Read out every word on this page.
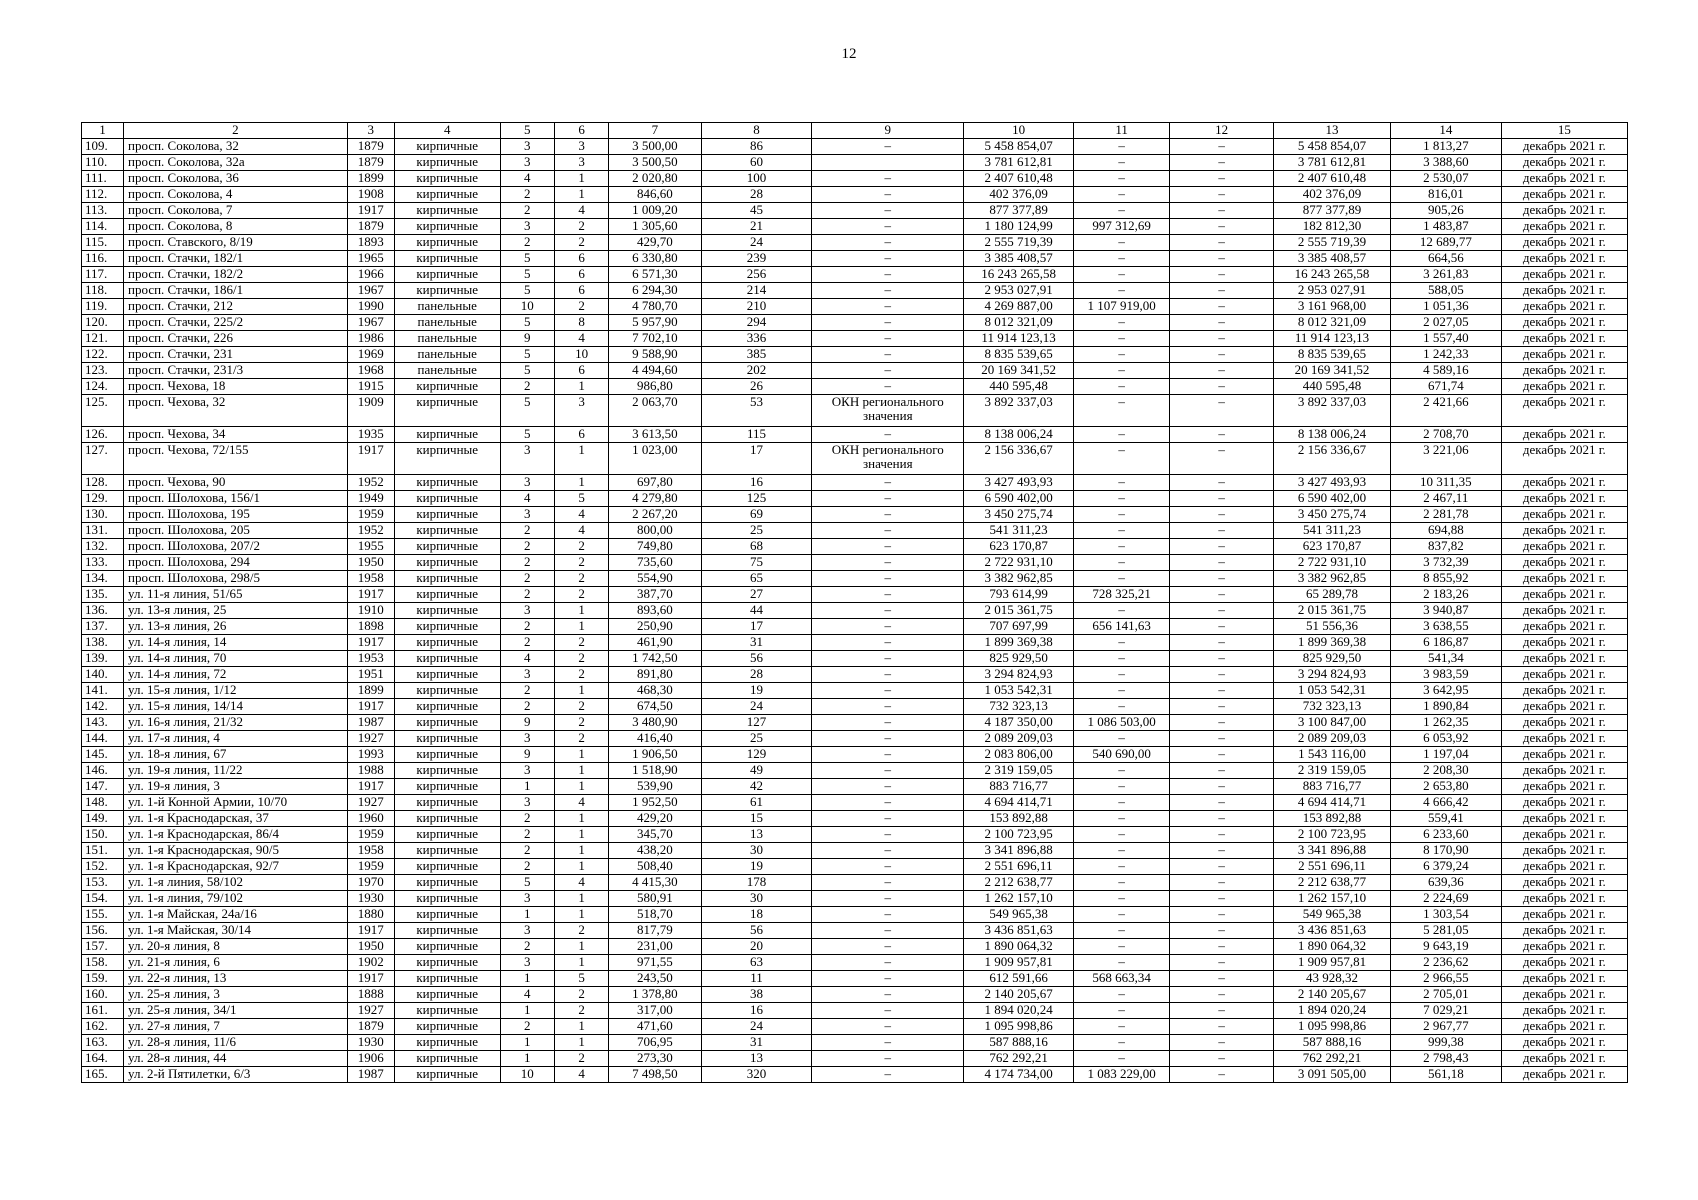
12
1	2	3	4	5	6	7	8	9	10	11	12	13	14	15
109.	просп. Соколова, 32	1879	кирпичные	3	3	3 500,00	86	–	5 458 854,07	–	–	5 458 854,07	1 813,27	декабрь 2021 г.
110.	просп. Соколова, 32а	1879	кирпичные	3	3	3 500,50	60		3 781 612,81	–	–	3 781 612,81	3 388,60	декабрь 2021 г.
111.	просп. Соколова, 36	1899	кирпичные	4	1	2 020,80	100	–	2 407 610,48	–	–	2 407 610,48	2 530,07	декабрь 2021 г.
112.	просп. Соколова, 4	1908	кирпичные	2	1	846,60	28	–	402 376,09	–	–	402 376,09	816,01	декабрь 2021 г.
113.	просп. Соколова, 7	1917	кирпичные	2	4	1 009,20	45	–	877 377,89	–	–	877 377,89	905,26	декабрь 2021 г.
114.	просп. Соколова, 8	1879	кирпичные	3	2	1 305,60	21	–	1 180 124,99	997 312,69	–	182 812,30	1 483,87	декабрь 2021 г.
115.	просп. Ставского, 8/19	1893	кирпичные	2	2	429,70	24	–	2 555 719,39	–	–	2 555 719,39	12 689,77	декабрь 2021 г.
116.	просп. Стачки, 182/1	1965	кирпичные	5	6	6 330,80	239	–	3 385 408,57	–	–	3 385 408,57	664,56	декабрь 2021 г.
117.	просп. Стачки, 182/2	1966	кирпичные	5	6	6 571,30	256	–	16 243 265,58	–	–	16 243 265,58	3 261,83	декабрь 2021 г.
118.	просп. Стачки, 186/1	1967	кирпичные	5	6	6 294,30	214	–	2 953 027,91	–	–	2 953 027,91	588,05	декабрь 2021 г.
119.	просп. Стачки, 212	1990	панельные	10	2	4 780,70	210	–	4 269 887,00	1 107 919,00	–	3 161 968,00	1 051,36	декабрь 2021 г.
120.	просп. Стачки, 225/2	1967	панельные	5	8	5 957,90	294	–	8 012 321,09	–	–	8 012 321,09	2 027,05	декабрь 2021 г.
121.	просп. Стачки, 226	1986	панельные	9	4	7 702,10	336	–	11 914 123,13	–	–	11 914 123,13	1 557,40	декабрь 2021 г.
122.	просп. Стачки, 231	1969	панельные	5	10	9 588,90	385	–	8 835 539,65	–	–	8 835 539,65	1 242,33	декабрь 2021 г.
123.	просп. Стачки, 231/3	1968	панельные	5	6	4 494,60	202	–	20 169 341,52	–	–	20 169 341,52	4 589,16	декабрь 2021 г.
124.	просп. Чехова, 18	1915	кирпичные	2	1	986,80	26	–	440 595,48	–	–	440 595,48	671,74	декабрь 2021 г.
125.	просп. Чехова, 32	1909	кирпичные	5	3	2 063,70	53	ОКН регионального значения	3 892 337,03	–	–	3 892 337,03	2 421,66	декабрь 2021 г.
126.	просп. Чехова, 34	1935	кирпичные	5	6	3 613,50	115	–	8 138 006,24	–	–	8 138 006,24	2 708,70	декабрь 2021 г.
127.	просп. Чехова, 72/155	1917	кирпичные	3	1	1 023,00	17	ОКН регионального значения	2 156 336,67	–	–	2 156 336,67	3 221,06	декабрь 2021 г.
128.	просп. Чехова, 90	1952	кирпичные	3	1	697,80	16	–	3 427 493,93	–	–	3 427 493,93	10 311,35	декабрь 2021 г.
129.	просп. Шолохова, 156/1	1949	кирпичные	4	5	4 279,80	125	–	6 590 402,00	–	–	6 590 402,00	2 467,11	декабрь 2021 г.
130.	просп. Шолохова, 195	1959	кирпичные	3	4	2 267,20	69	–	3 450 275,74	–	–	3 450 275,74	2 281,78	декабрь 2021 г.
131.	просп. Шолохова, 205	1952	кирпичные	2	4	800,00	25	–	541 311,23	–	–	541 311,23	694,88	декабрь 2021 г.
132.	просп. Шолохова, 207/2	1955	кирпичные	2	2	749,80	68	–	623 170,87	–	–	623 170,87	837,82	декабрь 2021 г.
133.	просп. Шолохова, 294	1950	кирпичные	2	2	735,60	75	–	2 722 931,10	–	–	2 722 931,10	3 732,39	декабрь 2021 г.
134.	просп. Шолохова, 298/5	1958	кирпичные	2	2	554,90	65	–	3 382 962,85	–	–	3 382 962,85	8 855,92	декабрь 2021 г.
135.	ул. 11-я линия, 51/65	1917	кирпичные	2	2	387,70	27	–	793 614,99	728 325,21	–	65 289,78	2 183,26	декабрь 2021 г.
136.	ул. 13-я линия, 25	1910	кирпичные	3	1	893,60	44	–	2 015 361,75	–	–	2 015 361,75	3 940,87	декабрь 2021 г.
137.	ул. 13-я линия, 26	1898	кирпичные	2	1	250,90	17	–	707 697,99	656 141,63	–	51 556,36	3 638,55	декабрь 2021 г.
138.	ул. 14-я линия, 14	1917	кирпичные	2	2	461,90	31	–	1 899 369,38	–	–	1 899 369,38	6 186,87	декабрь 2021 г.
139.	ул. 14-я линия, 70	1953	кирпичные	4	2	1 742,50	56	–	825 929,50	–	–	825 929,50	541,34	декабрь 2021 г.
140.	ул. 14-я линия, 72	1951	кирпичные	3	2	891,80	28	–	3 294 824,93	–	–	3 294 824,93	3 983,59	декабрь 2021 г.
141.	ул. 15-я линия, 1/12	1899	кирпичные	2	1	468,30	19	–	1 053 542,31	–	–	1 053 542,31	3 642,95	декабрь 2021 г.
142.	ул. 15-я линия, 14/14	1917	кирпичные	2	2	674,50	24	–	732 323,13	–	–	732 323,13	1 890,84	декабрь 2021 г.
143.	ул. 16-я линия, 21/32	1987	кирпичные	9	2	3 480,90	127	–	4 187 350,00	1 086 503,00	–	3 100 847,00	1 262,35	декабрь 2021 г.
144.	ул. 17-я линия, 4	1927	кирпичные	3	2	416,40	25	–	2 089 209,03	–	–	2 089 209,03	6 053,92	декабрь 2021 г.
145.	ул. 18-я линия, 67	1993	кирпичные	9	1	1 906,50	129	–	2 083 806,00	540 690,00	–	1 543 116,00	1 197,04	декабрь 2021 г.
146.	ул. 19-я линия, 11/22	1988	кирпичные	3	1	1 518,90	49	–	2 319 159,05	–	–	2 319 159,05	2 208,30	декабрь 2021 г.
147.	ул. 19-я линия, 3	1917	кирпичные	1	1	539,90	42	–	883 716,77	–	–	883 716,77	2 653,80	декабрь 2021 г.
148.	ул. 1-й Конной Армии, 10/70	1927	кирпичные	3	4	1 952,50	61	–	4 694 414,71	–	–	4 694 414,71	4 666,42	декабрь 2021 г.
149.	ул. 1-я Краснодарская, 37	1960	кирпичные	2	1	429,20	15	–	153 892,88	–	–	153 892,88	559,41	декабрь 2021 г.
150.	ул. 1-я Краснодарская, 86/4	1959	кирпичные	2	1	345,70	13	–	2 100 723,95	–	–	2 100 723,95	6 233,60	декабрь 2021 г.
151.	ул. 1-я Краснодарская, 90/5	1958	кирпичные	2	1	438,20	30	–	3 341 896,88	–	–	3 341 896,88	8 170,90	декабрь 2021 г.
152.	ул. 1-я Краснодарская, 92/7	1959	кирпичные	2	1	508,40	19	–	2 551 696,11	–	–	2 551 696,11	6 379,24	декабрь 2021 г.
153.	ул. 1-я линия, 58/102	1970	кирпичные	5	4	4 415,30	178	–	2 212 638,77	–	–	2 212 638,77	639,36	декабрь 2021 г.
154.	ул. 1-я линия, 79/102	1930	кирпичные	3	1	580,91	30	–	1 262 157,10	–	–	1 262 157,10	2 224,69	декабрь 2021 г.
155.	ул. 1-я Майская, 24а/16	1880	кирпичные	1	1	518,70	18	–	549 965,38	–	–	549 965,38	1 303,54	декабрь 2021 г.
156.	ул. 1-я Майская, 30/14	1917	кирпичные	3	2	817,79	56	–	3 436 851,63	–	–	3 436 851,63	5 281,05	декабрь 2021 г.
157.	ул. 20-я линия, 8	1950	кирпичные	2	1	231,00	20	–	1 890 064,32	–	–	1 890 064,32	9 643,19	декабрь 2021 г.
158.	ул. 21-я линия, 6	1902	кирпичные	3	1	971,55	63	–	1 909 957,81	–	–	1 909 957,81	2 236,62	декабрь 2021 г.
159.	ул. 22-я линия, 13	1917	кирпичные	1	5	243,50	11	–	612 591,66	568 663,34	–	43 928,32	2 966,55	декабрь 2021 г.
160.	ул. 25-я линия, 3	1888	кирпичные	4	2	1 378,80	38	–	2 140 205,67	–	–	2 140 205,67	2 705,01	декабрь 2021 г.
161.	ул. 25-я линия, 34/1	1927	кирпичные	1	2	317,00	16	–	1 894 020,24	–	–	1 894 020,24	7 029,21	декабрь 2021 г.
162.	ул. 27-я линия, 7	1879	кирпичные	2	1	471,60	24	–	1 095 998,86	–	–	1 095 998,86	2 967,77	декабрь 2021 г.
163.	ул. 28-я линия, 11/6	1930	кирпичные	1	1	706,95	31	–	587 888,16	–	–	587 888,16	999,38	декабрь 2021 г.
164.	ул. 28-я линия, 44	1906	кирпичные	1	2	273,30	13	–	762 292,21	–	–	762 292,21	2 798,43	декабрь 2021 г.
165.	ул. 2-й Пятилетки, 6/3	1987	кирпичные	10	4	7 498,50	320	–	4 174 734,00	1 083 229,00	–	3 091 505,00	561,18	декабрь 2021 г.
